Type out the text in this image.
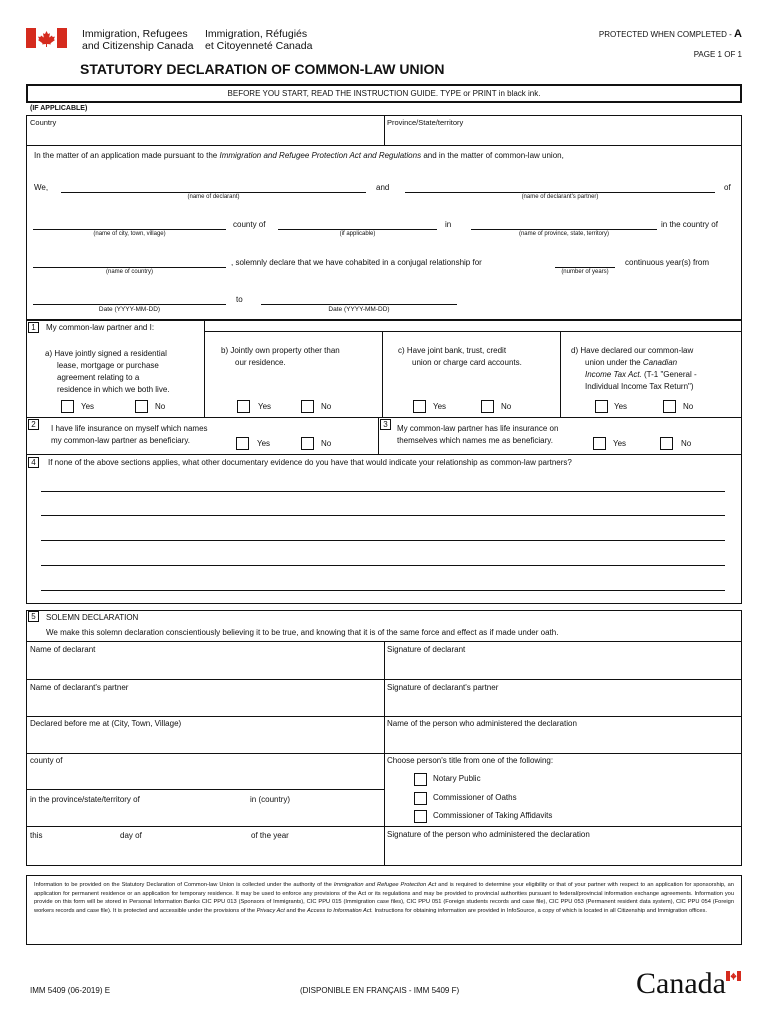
Immigration, Refugees
and Citizenship Canada
Immigration, Réfugiés
et Citoyenneté Canada
PROTECTED WHEN COMPLETED - A
PAGE 1 OF 1
STATUTORY DECLARATION OF COMMON-LAW UNION
BEFORE YOU START, READ THE INSTRUCTION GUIDE. TYPE or PRINT in black ink.
(IF APPLICABLE)
Country	Province/State/territory
In the matter of an application made pursuant to the Immigration and Refugee Protection Act and Regulations and in the matter of common-law union,
We,
(name of declarant)
and
(name of declarant's partner)
of
(name of city, town, village)
county of
(if applicable)
in
(name of province, state, territory)
in the country of
(name of country)
, solemnly declare that we have cohabited in a conjugal relationship for
(number of years)
continuous year(s) from
Date (YYYY-MM-DD)
to
Date (YYYY-MM-DD)
1	My common-law partner and I:
a) Have jointly signed a residential
lease, mortgage or purchase
agreement relating to a
residence in which we both live.
Yes	No
b) Jointly own property other than
our residence.
Yes	No
c) Have joint bank, trust, credit
union or charge card accounts.
Yes	No
d) Have declared our common-law
union under the Canadian
Income Tax Act. (T-1 "General -
Individual Income Tax Return")
Yes	No
2	I have life insurance on myself which names
my common-law partner as beneficiary.	Yes	No
3	My common-law partner has life insurance on
themselves which names me as beneficiary.	Yes	No
4	If none of the above sections applies, what other documentary evidence do you have that would indicate your relationship as common-law partners?
5	SOLEMN DECLARATION
We make this solemn declaration conscientiously believing it to be true, and knowing that it is of the same force and effect as if made under oath.
Name of declarant	Signature of declarant
Name of declarant's partner	Signature of declarant's partner
Declared before me at (City, Town, Village)	Name of the person who administered the declaration
county of	Choose person's title from one of the following:
Notary Public
Commissioner of Oaths
Commissioner of Taking Affidavits
in the province/state/territory of	in (country)
this	day of	of the year	Signature of the person who administered the declaration
Information to be provided on the Statutory Declaration of Common-law Union is collected under the authority of the Immigration and Refugee Protection Act and is required to determine your eligibility or that of your partner with respect to an application for sponsorship, an application for permanent residence or an application for temporary residence. It may be used to enforce any provisions of the Act or its regulations and may be provided to provincial authorities pursuant to federal/provincial information exchange agreements. Information you provide on this form will be stored in Personal Information Banks CIC PPU 013 (Sponsors of Immigrants), CIC PPU 015 (Immigration case files), CIC PPU 051 (Foreign students records and case file), CIC PPU 053 (Permanent resident data system), CIC PPU 054 (Foreign workers records and case file). It is protected and accessible under the provisions of the Privacy Act and the Access to Information Act. Instructions for obtaining information are provided in InfoSource, a copy of which is located in all Citizenship and Immigration offices.
IMM 5409 (06-2019) E	(DISPONIBLE EN FRANÇAIS - IMM 5409 F)	Canada
